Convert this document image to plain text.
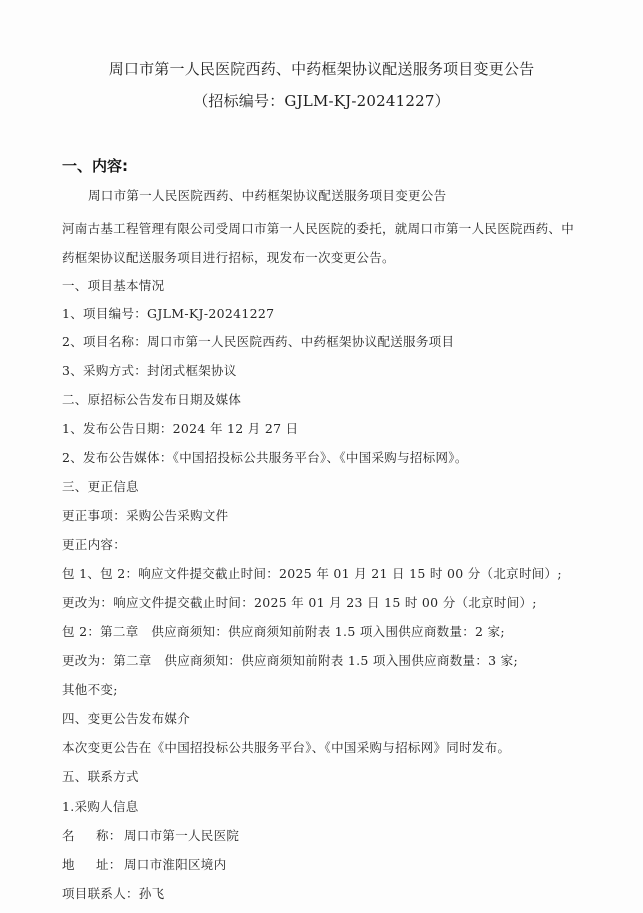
周口市第一人民医院西药、中药框架协议配送服务项目变更公告
（招标编号：GJLM-KJ-20241227）
一、内容:
周口市第一人民医院西药、中药框架协议配送服务项目变更公告
河南古基工程管理有限公司受周口市第一人民医院的委托，就周口市第一人民医院西药、中
药框架协议配送服务项目进行招标，现发布一次变更公告。
一、项目基本情况
1、项目编号：GJLM-KJ-20241227
2、项目名称：周口市第一人民医院西药、中药框架协议配送服务项目
3、采购方式：封闭式框架协议
二、原招标公告发布日期及媒体
1、发布公告日期：2024 年 12 月 27 日
2、发布公告媒体：《中国招投标公共服务平台》、《中国采购与招标网》。
三、更正信息
更正事项：采购公告采购文件
更正内容：
包 1、包 2：响应文件提交截止时间：2025 年 01 月 21 日 15 时 00 分（北京时间）;
更改为：响应文件提交截止时间：2025 年 01 月 23 日 15 时 00 分（北京时间）;
包 2：第二章　供应商须知：供应商须知前附表 1.5 项入围供应商数量：2 家;
更改为：第二章　供应商须知：供应商须知前附表 1.5 项入围供应商数量：3 家;
其他不变;
四、变更公告发布媒介
本次变更公告在《中国招投标公共服务平台》、《中国采购与招标网》同时发布。
五、联系方式
1.采购人信息
名 称： 周口市第一人民医院
地 址： 周口市淮阳区境内
项目联系人：孙飞
